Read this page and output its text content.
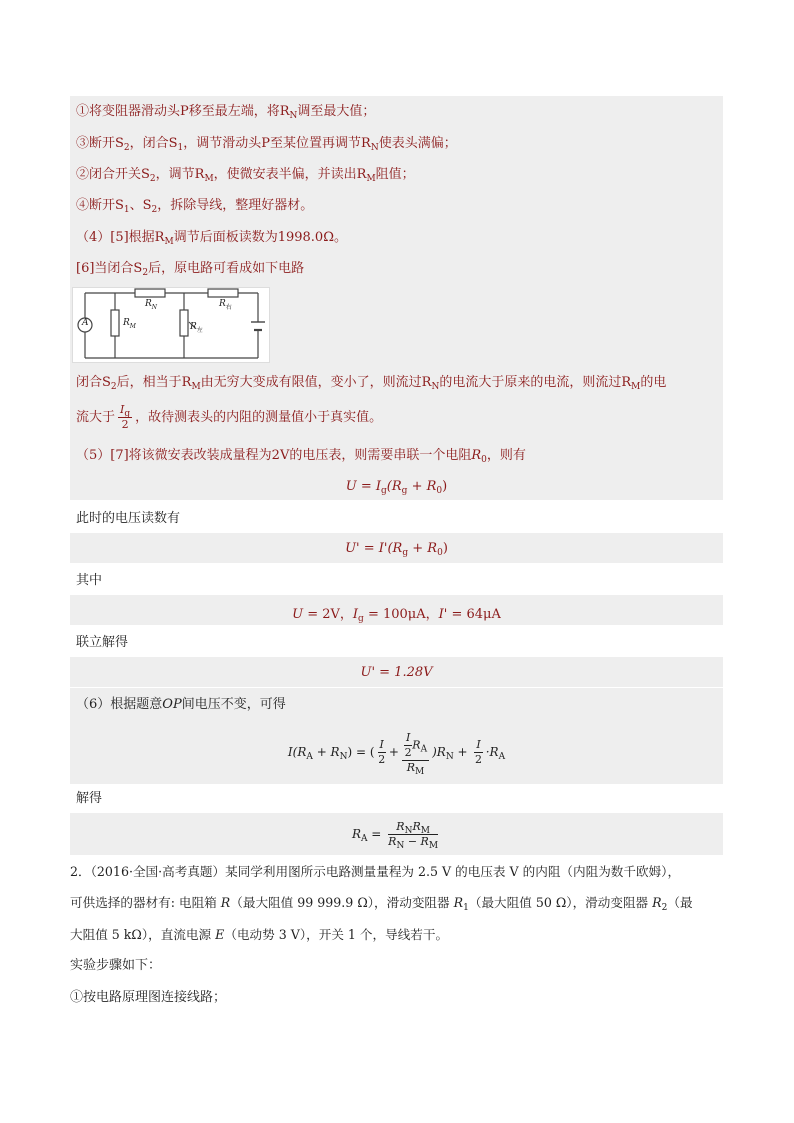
①将变阻器滑动头P移至最左端，将$R_N$调至最大值；
③断开$S_2$，闭合$S_1$，调节滑动头P至某位置再调节$R_N$使表头满偏；
②闭合开关$S_2$，调节$R_M$，使微安表半偏，并读出$R_M$阻值；
④断开$S_1$、$S_2$，拆除导线，整理好器材。
（4）[5]根据$R_M$调节后面板读数为1998.0Ω。
[6]当闭合$S_2$后，原电路可看成如下电路
A	$R_M$
$R_N$
$R_左$
$R_右$
闭合$S_2$后，相当于$R_M$由无穷大变成有限值，变小了，则流过$R_N$的电流大于原来的电流，则流过$R_M$的电
流大于 $\frac{I_g}{2}$ ，故待测表头的内阻的测量值小于真实值。
（5）[7]将该微安表改装成量程为2V的电压表，则需要串联一个电阻$R_0$，则有
$U = I_g(R_g + R_0)$
此时的电压读数有
$U' = I'(R_g + R_0)$
其中
U = 2V，$I_g = 100\mu A$，I' = 64μA
联立解得
U' = 1.28V
（6）根据题意OP间电压不变，可得
$I(R_A + R_N)$ = ( $\frac{I}{2} + \frac{\frac{I}{2} R_A}{R_M} )R_N + \frac{I}{2} \cdot R_A$
解得
$R_A = \frac{R_NR_M}{R_N - R_M}$
2．（2016·全国·高考真题）某同学利用图所示电路测量量程为 2.5 V 的电压表 V 的内阻（内阻为数千欧姆），
可供选择的器材有: 电阻箱 R（最大阻值 99 999.9 Ω），滑动变阻器 $R_1$（最大阻值 50 Ω），滑动变阻器 $R_2$（最
大阻值 5 kΩ），直流电源 E（电动势 3 V），开关 1 个，导线若干。
实验步骤如下：
①按电路原理图连接线路；
